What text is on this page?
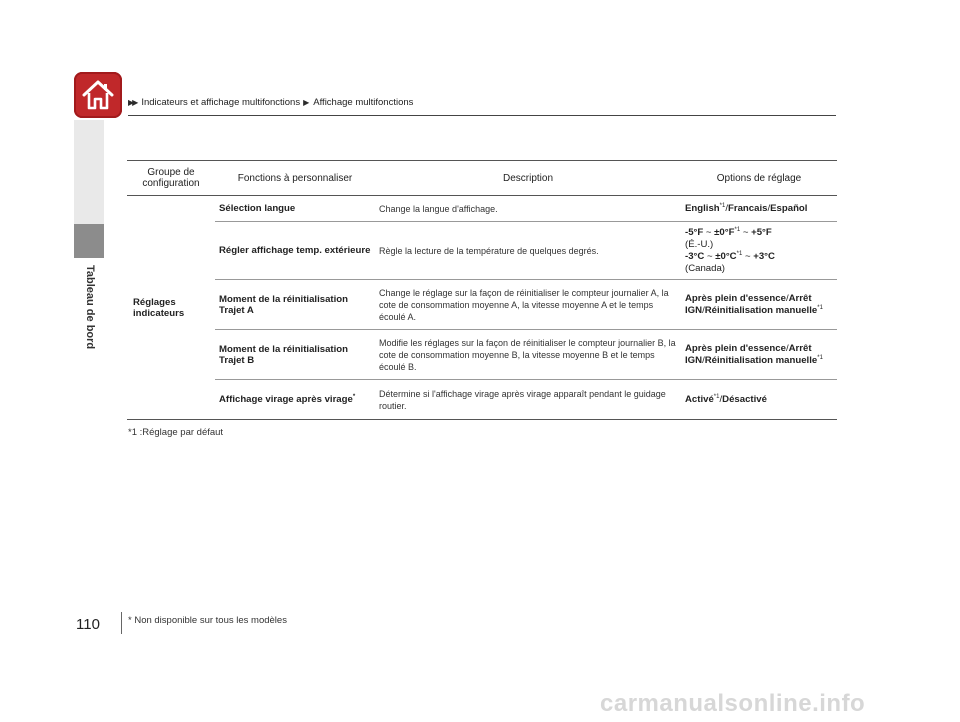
Tableau de bord
▶▶ Indicateurs et affichage multifonctions ▶ Affichage multifonctions
Groupe de configuration	Fonctions à personnaliser	Description	Options de réglage
Réglages indicateurs	Sélection langue	Change la langue d'affichage.	English$^{*1}$/Francais/Español
	Régler affichage temp. extérieure	Règle la lecture de la température de quelques degrés.	-5°F ~ $\pm 0^\circ F^{*1}$ ~ +5°F
(É.-U.)
-3°C ~ $\pm 0^\circ C^{*1}$ ~ +3°C
(Canada)

	Moment de la réinitialisation Trajet A	Change le réglage sur la façon de réinitialiser le compteur journalier A, la cote de consommation moyenne A, la vitesse moyenne A et le temps écoulé A.	Après plein d'essence/Arrêt IGN/Réinitialisation manuelle$^{*1}$
	Moment de la réinitialisation Trajet B	Modifie les réglages sur la façon de réinitialiser le compteur journalier B, la cote de consommation moyenne B, la vitesse moyenne B et le temps écoulé B.	Après plein d'essence/Arrêt IGN/Réinitialisation manuelle$^{*1}$
	Affichage virage après virage*	Détermine si l'affichage virage après virage apparaît pendant le guidage routier.	Activé$^{*1}$/Désactivé
*1 :Réglage par défaut
110	* Non disponible sur tous les modèles
carmanualsonline.info
